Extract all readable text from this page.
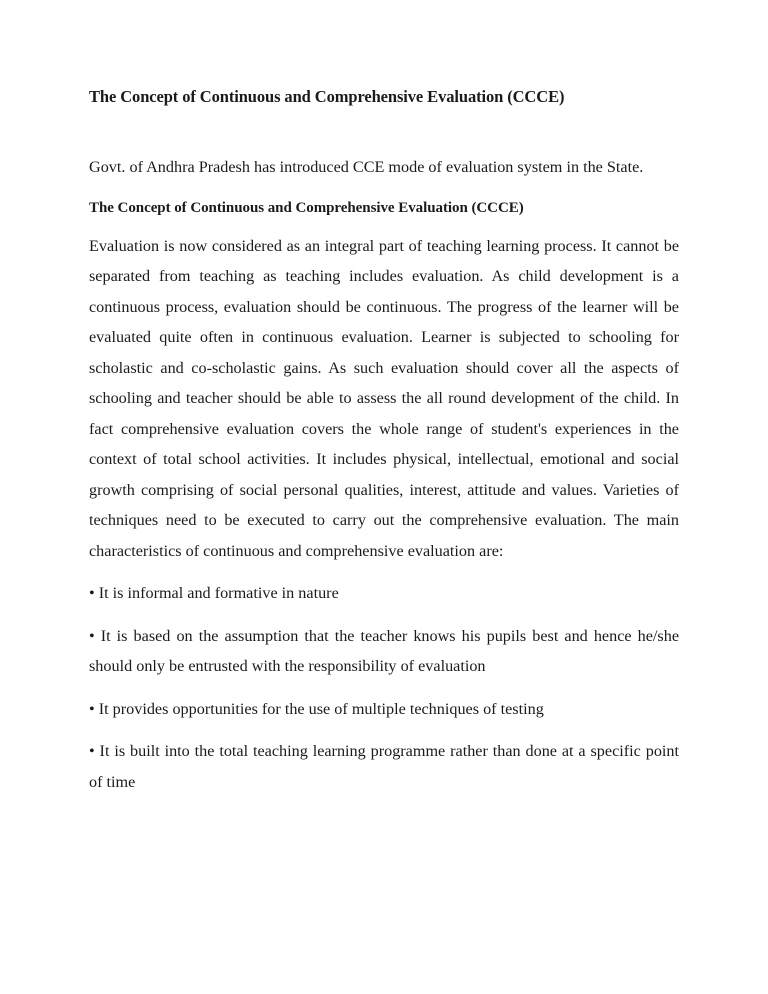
The Concept of Continuous and Comprehensive Evaluation (CCCE)

Govt. of Andhra Pradesh has introduced CCE mode of evaluation system in the State.

The Concept of Continuous and Comprehensive Evaluation (CCCE)

Evaluation is now considered as an integral part of teaching learning process. It cannot be separated from teaching as teaching includes evaluation. As child development is a continuous process, evaluation should be continuous. The progress of the learner will be evaluated quite often in continuous evaluation. Learner is subjected to schooling for scholastic and co-scholastic gains. As such evaluation should cover all the aspects of schooling and teacher should be able to assess the all round development of the child. In fact comprehensive evaluation covers the whole range of student's experiences in the context of total school activities. It includes physical, intellectual, emotional and social growth comprising of social personal qualities, interest, attitude and values. Varieties of techniques need to be executed to carry out the comprehensive evaluation. The main characteristics of continuous and comprehensive evaluation are:

• It is informal and formative in nature

• It is based on the assumption that the teacher knows his pupils best and hence he/she should only be entrusted with the responsibility of evaluation

• It provides opportunities for the use of multiple techniques of testing

• It is built into the total teaching learning programme rather than done at a specific point of time
